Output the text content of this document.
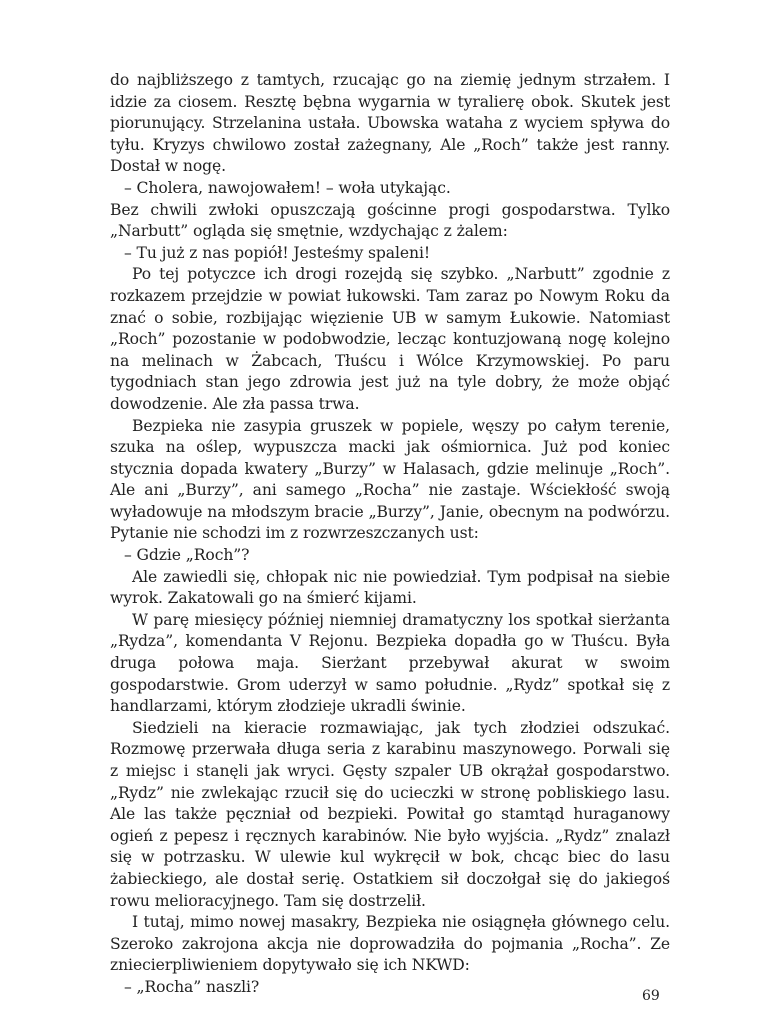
do najbliższego z tamtych, rzucając go na ziemię jednym strzałem. I idzie za ciosem. Resztę bębna wygarnia w tyralierę obok. Skutek jest piorunujący. Strzelanina ustała. Ubowska wataha z wyciem spływa do tyłu. Kryzys chwilowo został zażegnany, Ale „Roch” także jest ranny. Dostał w nogę.

– Cholera, nawojowałem! – woła utykając.

Bez chwili zwłoki opuszczają gościnne progi gospodarstwa. Tylko „Narbutt” ogląda się smętnie, wzdychając z żalem:

– Tu już z nas popiół! Jesteśmy spaleni!

Po tej potyczce ich drogi rozejdą się szybko. „Narbutt” zgodnie z rozkazem przejdzie w powiat łukowski. Tam zaraz po Nowym Roku da znać o sobie, rozbijając więzienie UB w samym Łukowie. Natomiast „Roch” pozostanie w podobwodzie, lecząc kontuzjowaną nogę kolejno na melinach w Żabcach, Tłuścu i Wólce Krzymowskiej. Po paru tygodniach stan jego zdrowia jest już na tyle dobry, że może objąć dowodzenie. Ale zła passa trwa.

Bezpieka nie zasypia gruszek w popiele, węszy po całym terenie, szuka na oślep, wypuszcza macki jak ośmiornica. Już pod koniec stycznia dopada kwatery „Burzy” w Halasach, gdzie melinuje „Roch”. Ale ani „Burzy”, ani samego „Rocha” nie zastaje. Wściekłość swoją wyładowuje na młodszym bracie „Burzy”, Janie, obecnym na podwórzu. Pytanie nie schodzi im z rozwrzeszczanych ust:

– Gdzie „Roch”?

Ale zawiedli się, chłopak nic nie powiedział. Tym podpisał na siebie wyrok. Zakatowali go na śmierć kijami.

W parę miesięcy później niemniej dramatyczny los spotkał sierżanta „Rydza”, komendanta V Rejonu. Bezpieka dopadła go w Tłuścu. Była druga połowa maja. Sierżant przebywał akurat w swoim gospodarstwie. Grom uderzył w samo południe. „Rydz” spotkał się z handlarzami, którym złodzieje ukradli świnie.

Siedzieli na kieracie rozmawiając, jak tych złodziei odszukać. Rozmowę przerwała długa seria z karabinu maszynowego. Porwali się z miejsc i stanęli jak wryci. Gęsty szpaler UB okrążał gospodarstwo. „Rydz” nie zwlekając rzucił się do ucieczki w stronę pobliskiego lasu. Ale las także pęczniał od bezpieki. Powitał go stamtąd huraganowy ogień z pepesz i ręcznych karabinów. Nie było wyjścia. „Rydz” znalazł się w potrzasku. W ulewie kul wykręcił w bok, chcąc biec do lasu żabieckiego, ale dostał serię. Ostatkiem sił doczołgał się do jakiegoś rowu melioracyjnego. Tam się dostrzelił.

I tutaj, mimo nowej masakry, Bezpieka nie osiągnęła głównego celu. Szeroko zakrojona akcja nie doprowadziła do pojmania „Rocha”. Ze zniecierpliwieniem dopytywało się ich NKWD:

– „Rocha” naszli?

69
